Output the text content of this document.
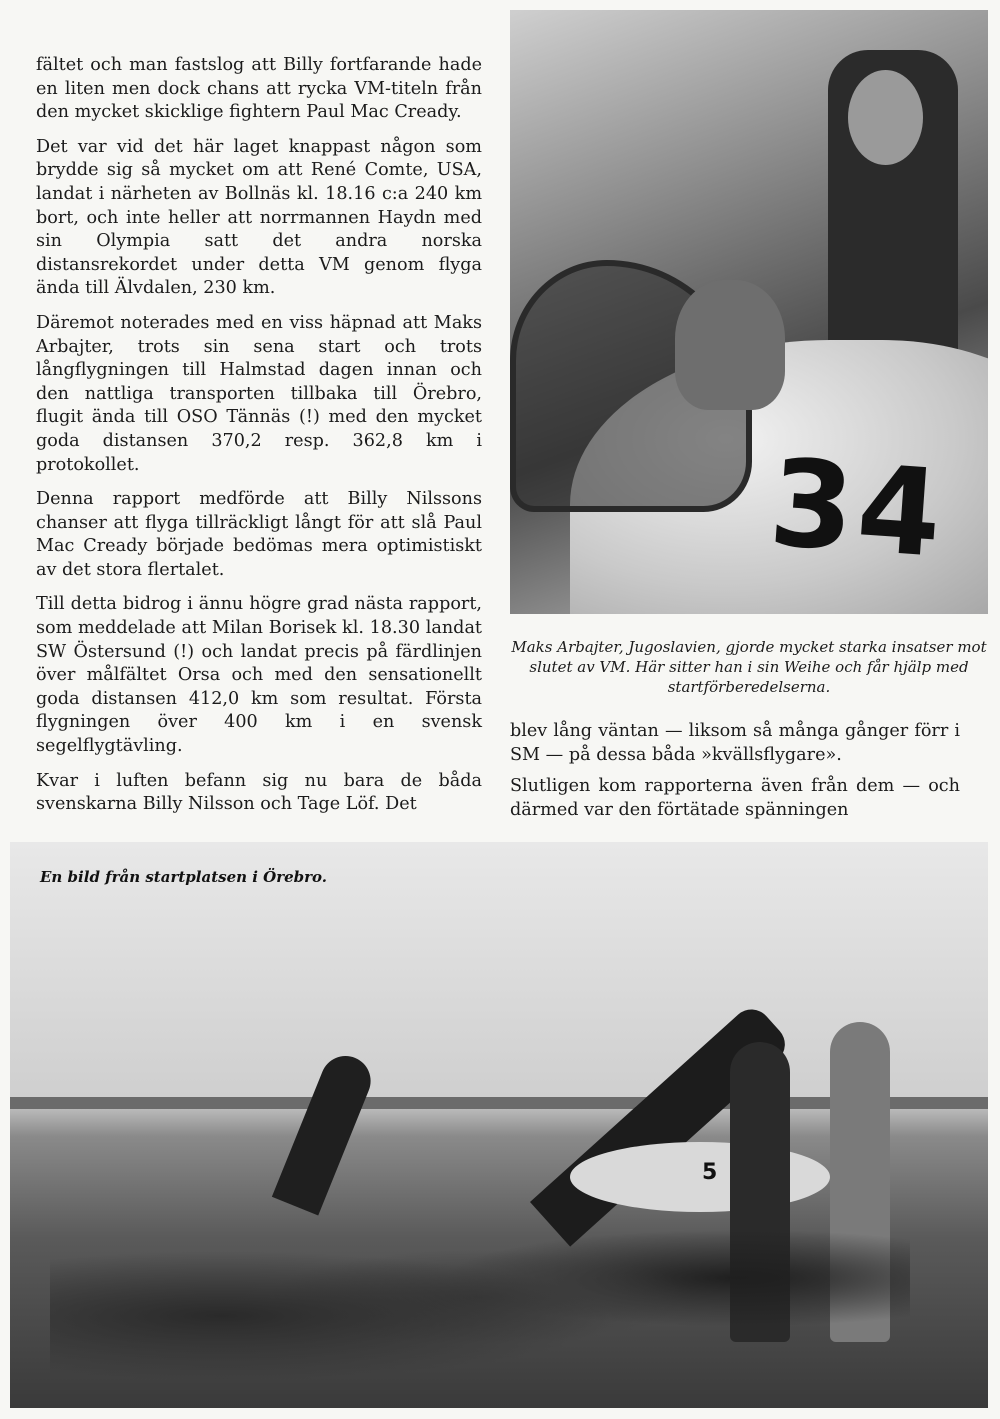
fältet och man fastslog att Billy fortfarande hade en liten men dock chans att rycka VM-titeln från den mycket skicklige fightern Paul Mac Cready.

Det var vid det här laget knappast någon som brydde sig så mycket om att René Comte, USA, landat i närheten av Bollnäs kl. 18.16 c:a 240 km bort, och inte heller att norrmannen Haydn med sin Olympia satt det andra norska distansrekordet under detta VM genom flyga ända till Älvdalen, 230 km.

Däremot noterades med en viss häpnad att Maks Arbajter, trots sin sena start och trots långflygningen till Halmstad dagen innan och den nattliga transporten tillbaka till Örebro, flugit ända till OSO Tännäs (!) med den mycket goda distansen 370,2 resp. 362,8 km i protokollet.

Denna rapport medförde att Billy Nilssons chanser att flyga tillräckligt långt för att slå Paul Mac Cready började bedömas mera optimistiskt av det stora flertalet.

Till detta bidrog i ännu högre grad nästa rapport, som meddelade att Milan Borisek kl. 18.30 landat SW Östersund (!) och landat precis på färdlinjen över målfältet Orsa och med den sensationellt goda distansen 412,0 km som resultat. Första flygningen över 400 km i en svensk segelflygtävling.

Kvar i luften befann sig nu bara de båda svenskarna Billy Nilsson och Tage Löf. Det

34
Maks Arbajter, Jugoslavien, gjorde mycket starka insatser mot slutet av VM. Här sitter han i sin Weihe och får hjälp med startförberedelserna.

blev lång väntan — liksom så många gånger förr i SM — på dessa båda »kvällsflygare».

Slutligen kom rapporterna även från dem — och därmed var den förtätade spänningen

5
En bild från startplatsen i Örebro.
